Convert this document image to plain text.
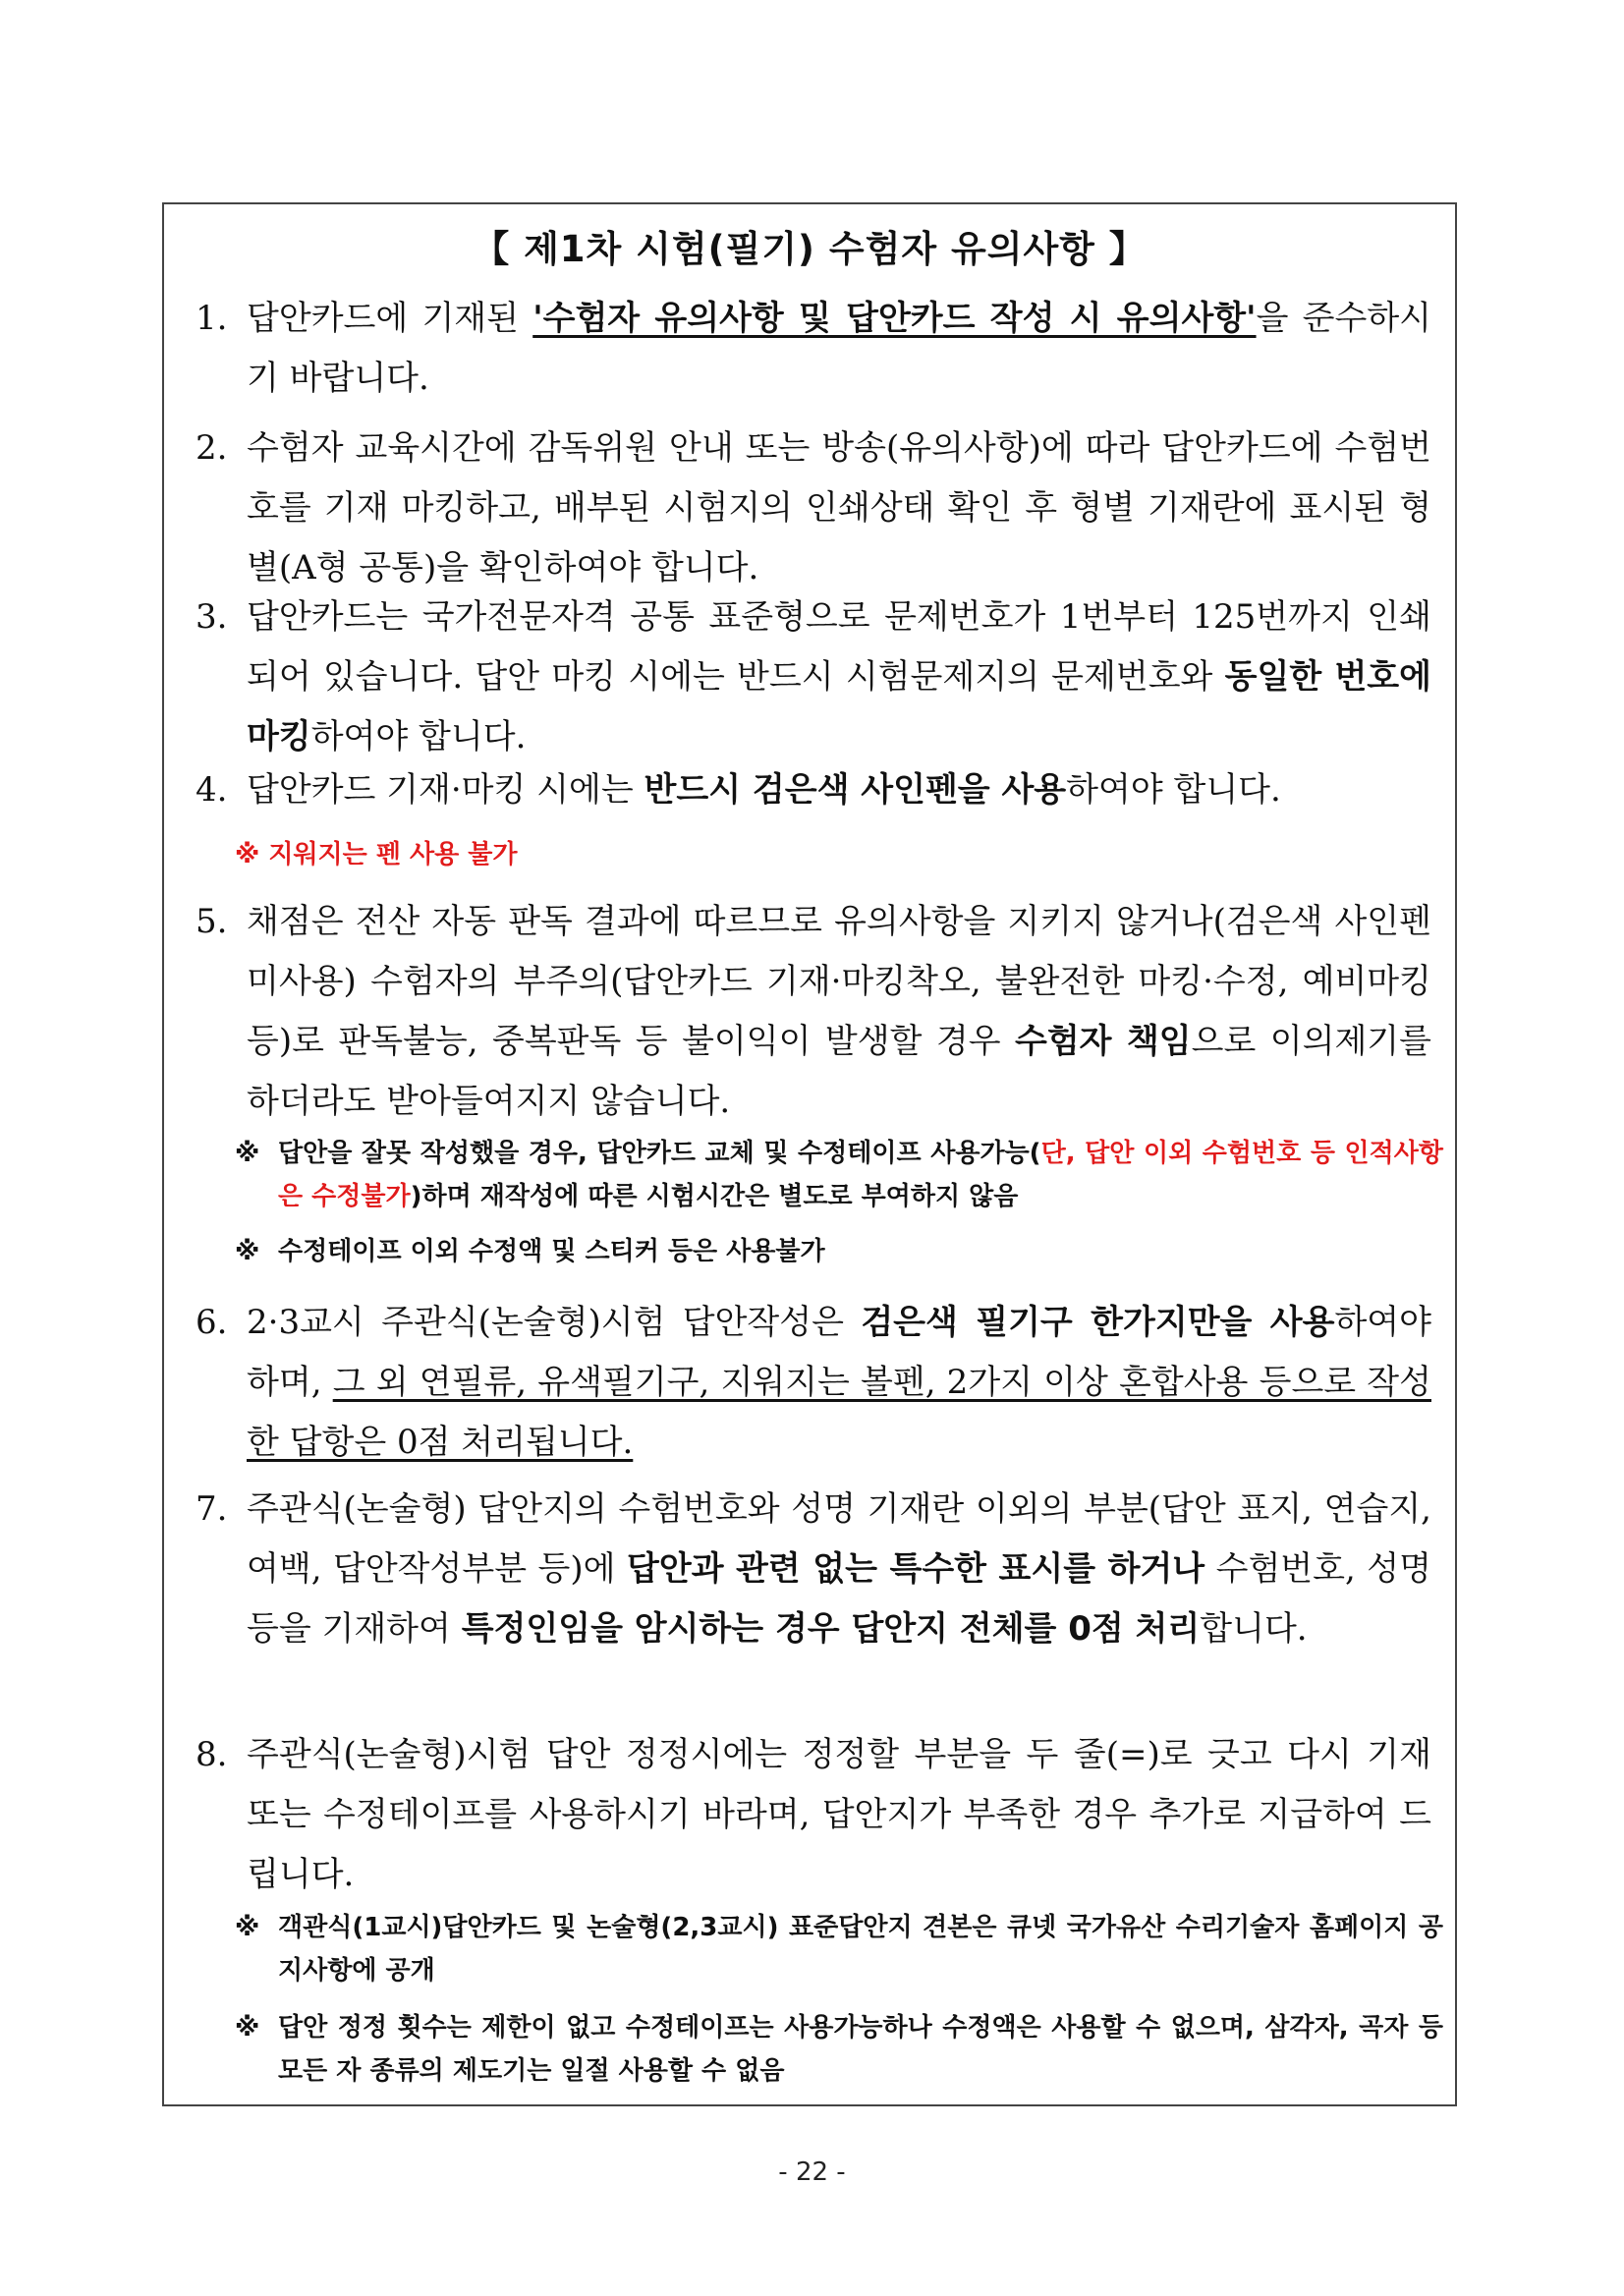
【 제1차 시험(필기) 수험자 유의사항 】
1. 답안카드에 기재된 '수험자 유의사항 및 답안카드 작성 시 유의사항'을 준수하시기 바랍니다.
2. 수험자 교육시간에 감독위원 안내 또는 방송(유의사항)에 따라 답안카드에 수험번호를 기재 마킹하고, 배부된 시험지의 인쇄상태 확인 후 형별 기재란에 표시된 형별(A형 공통)을 확인하여야 합니다.
3. 답안카드는 국가전문자격 공통 표준형으로 문제번호가 1번부터 125번까지 인쇄되어 있습니다. 답안 마킹 시에는 반드시 시험문제지의 문제번호와 동일한 번호에 마킹하여야 합니다.
4. 답안카드 기재·마킹 시에는 반드시 검은색 사인펜을 사용하여야 합니다.
※ 지워지는 펜 사용 불가
5. 채점은 전산 자동 판독 결과에 따르므로 유의사항을 지키지 않거나(검은색 사인펜 미사용) 수험자의 부주의(답안카드 기재·마킹착오, 불완전한 마킹·수정, 예비마킹 등)로 판독불능, 중복판독 등 불이익이 발생할 경우 수험자 책임으로 이의제기를 하더라도 받아들여지지 않습니다.
※ 답안을 잘못 작성했을 경우, 답안카드 교체 및 수정테이프 사용가능(단, 답안 이외 수험번호 등 인적사항은 수정불가)하며 재작성에 따른 시험시간은 별도로 부여하지 않음
※ 수정테이프 이외 수정액 및 스티커 등은 사용불가
6. 2·3교시 주관식(논술형)시험 답안작성은 검은색 필기구 한가지만을 사용하여야 하며, 그 외 연필류, 유색필기구, 지워지는 볼펜, 2가지 이상 혼합사용 등으로 작성한 답항은 0점 처리됩니다.
7. 주관식(논술형) 답안지의 수험번호와 성명 기재란 이외의 부분(답안 표지, 연습지, 여백, 답안작성부분 등)에 답안과 관련 없는 특수한 표시를 하거나 수험번호, 성명 등을 기재하여 특정인임을 암시하는 경우 답안지 전체를 0점 처리합니다.
8. 주관식(논술형)시험 답안 정정시에는 정정할 부분을 두 줄(=)로 긋고 다시 기재 또는 수정테이프를 사용하시기 바라며, 답안지가 부족한 경우 추가로 지급하여 드립니다.
※ 객관식(1교시)답안카드 및 논술형(2,3교시) 표준답안지 견본은 큐넷 국가유산 수리기술자 홈페이지 공지사항에 공개
※ 답안 정정 횟수는 제한이 없고 수정테이프는 사용가능하나 수정액은 사용할 수 없으며, 삼각자, 곡자 등 모든 자 종류의 제도기는 일절 사용할 수 없음
- 22 -
